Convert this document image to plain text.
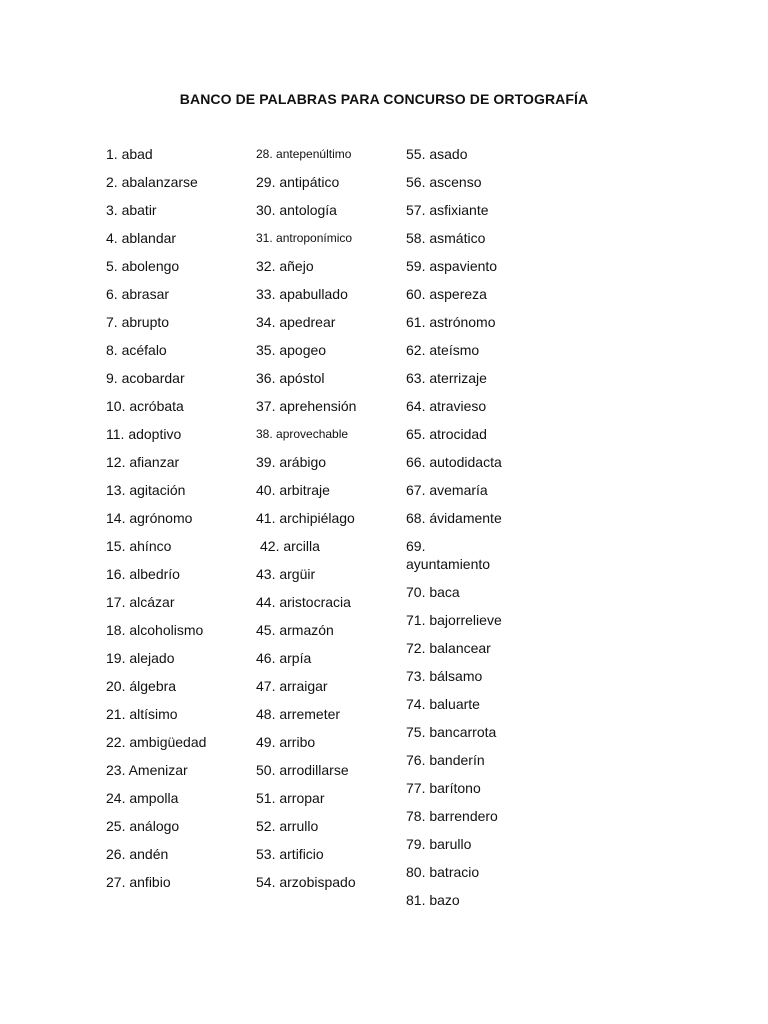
BANCO DE PALABRAS PARA CONCURSO DE ORTOGRAFÍA
1. abad
2. abalanzarse
3. abatir
4. ablandar
5. abolengo
6. abrasar
7. abrupto
8. acéfalo
9. acobardar
10. acróbata
11. adoptivo
12. afianzar
13. agitación
14. agrónomo
15. ahínco
16. albedrío
17. alcázar
18. alcoholismo
19. alejado
20. álgebra
21. altísimo
22. ambigüedad
23. Amenizar
24. ampolla
25. análogo
26. andén
27. anfibio
28. antepenúltimo
29. antipático
30. antología
31. antroponímico
32. añejo
33. apabullado
34. apedrear
35. apogeo
36. apóstol
37. aprehensión
38. aprovechable
39. arábigo
40. arbitraje
41. archipiélago
42. arcilla
43. argüir
44. aristocracia
45. armazón
46. arpía
47. arraigar
48. arremeter
49. arribo
50. arrodillarse
51. arropar
52. arrullo
53. artificio
54. arzobispado
55. asado
56. ascenso
57. asfixiante
58. asmático
59. aspaviento
60. aspereza
61. astrónomo
62. ateísmo
63. aterrizaje
64. atravieso
65. atrocidad
66. autodidacta
67. avemaría
68. ávidamente
69.
ayuntamiento
70. baca
71. bajorrelieve
72. balancear
73. bálsamo
74. baluarte
75. bancarrota
76. banderín
77. barítono
78. barrendero
79. barullo
80. batracio
81. bazo
